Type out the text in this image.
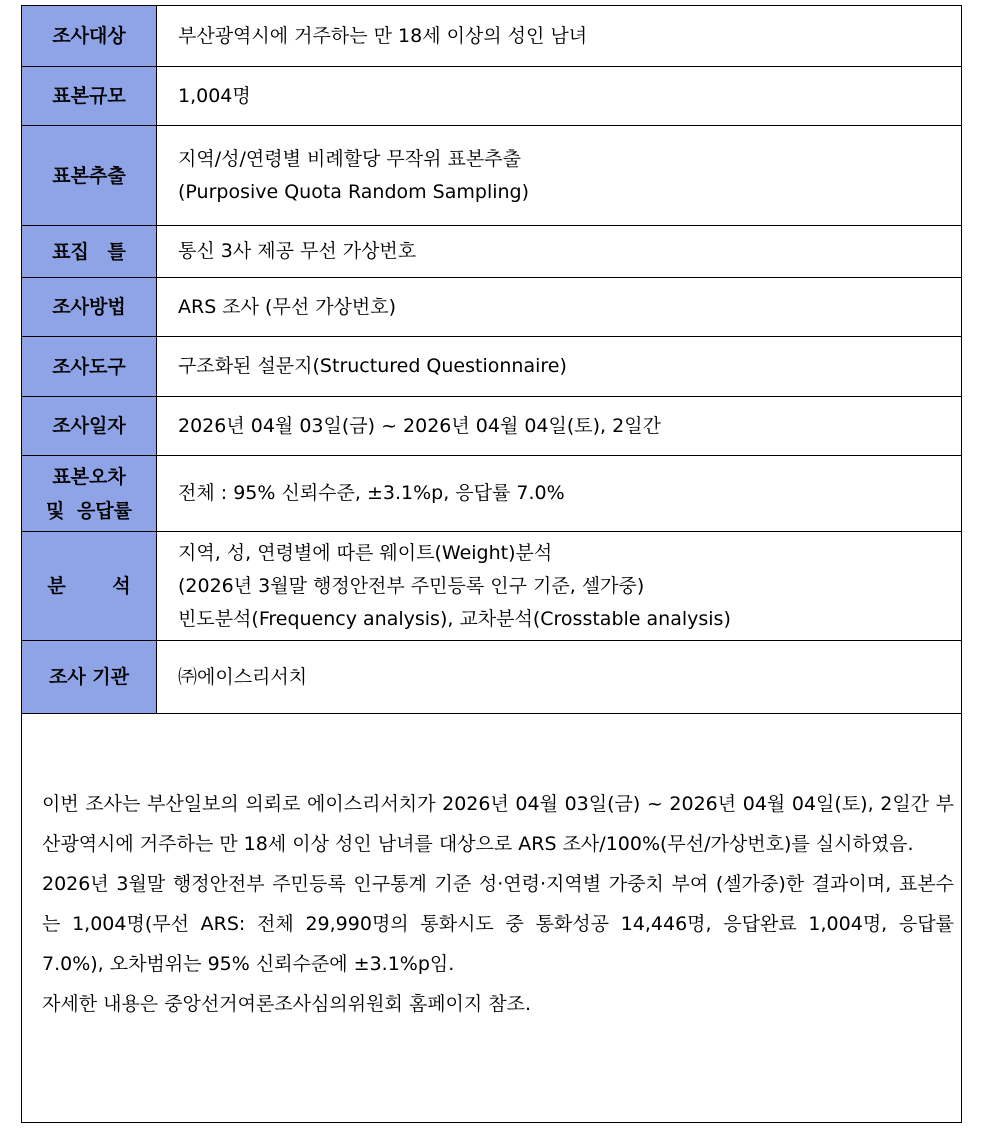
조사대상	부산광역시에 거주하는 만 18세 이상의 성인 남녀

표본규모	1,004명

표본추출	지역/성/연령별 비례할당 무작위 표본추출
(Purposive Quota Random Sampling)

표집 틀	통신 3사 제공 무선 가상번호

조사방법	ARS 조사 (무선 가상번호)

조사도구	구조화된 설문지(Structured Questionnaire)

조사일자	2026년 04월 03일(금) ~ 2026년 04월 04일(토), 2일간

표본오차
및 응답률	전체 : 95% 신뢰수준, ±3.1%p, 응답률 7.0%

분 석	지역, 성, 연령별에 따른 웨이트(Weight)분석
(2026년 3월말 행정안전부 주민등록 인구 기준, 셀가중)
빈도분석(Frequency analysis), 교차분석(Crosstable analysis)

조사 기관	㈜에이스리서치

이번 조사는 부산일보의 의뢰로 에이스리서치가 2026년 04월 03일(금) ~ 2026년 04월 04일(토), 2일간 부산광역시에 거주하는 만 18세 이상 성인 남녀를 대상으로 ARS 조사/100%(무선/가상번호)를 실시하였음.

2026년 3월말 행정안전부 주민등록 인구통계 기준 성·연령·지역별 가중치 부여 (셀가중)한 결과이며, 표본수는 1,004명(무선 ARS: 전체 29,990명의 통화시도 중 통화성공 14,446명, 응답완료 1,004명, 응답률 7.0%), 오차범위는 95% 신뢰수준에 ±3.1%p임.

자세한 내용은 중앙선거여론조사심의위원회 홈페이지 참조.
